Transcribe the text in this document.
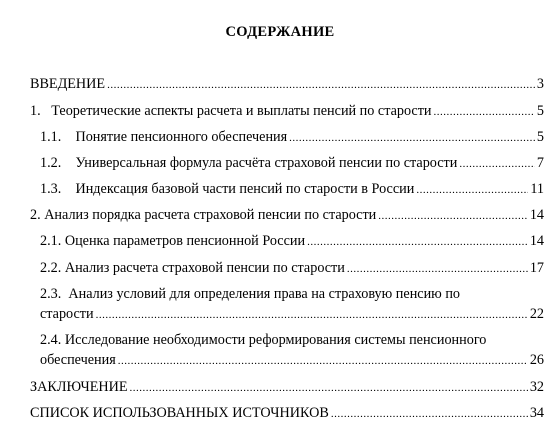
СОДЕРЖАНИЕ
ВВЕДЕНИЕ .....	3
1.   Теоретические аспекты расчета и выплаты пенсий по старости .....	5
1.1.    Понятие пенсионного обеспечения .....	5
1.2.    Универсальная формула расчёта страховой пенсии по старости .....	7
1.3.    Индексация базовой части пенсий по старости в России .....	11
2. Анализ порядка расчета страховой пенсии по старости .....	14
2.1. Оценка параметров пенсионной России .....	14
2.2. Анализ расчета страховой пенсии по старости .....	17
2.3.  Анализ условий для определения права на страховую пенсию по
старости .....	22
2.4. Исследование необходимости реформирования системы пенсионного
обеспечения .....	26
ЗАКЛЮЧЕНИЕ .....	32
СПИСОК ИСПОЛЬЗОВАННЫХ ИСТОЧНИКОВ .....	34
